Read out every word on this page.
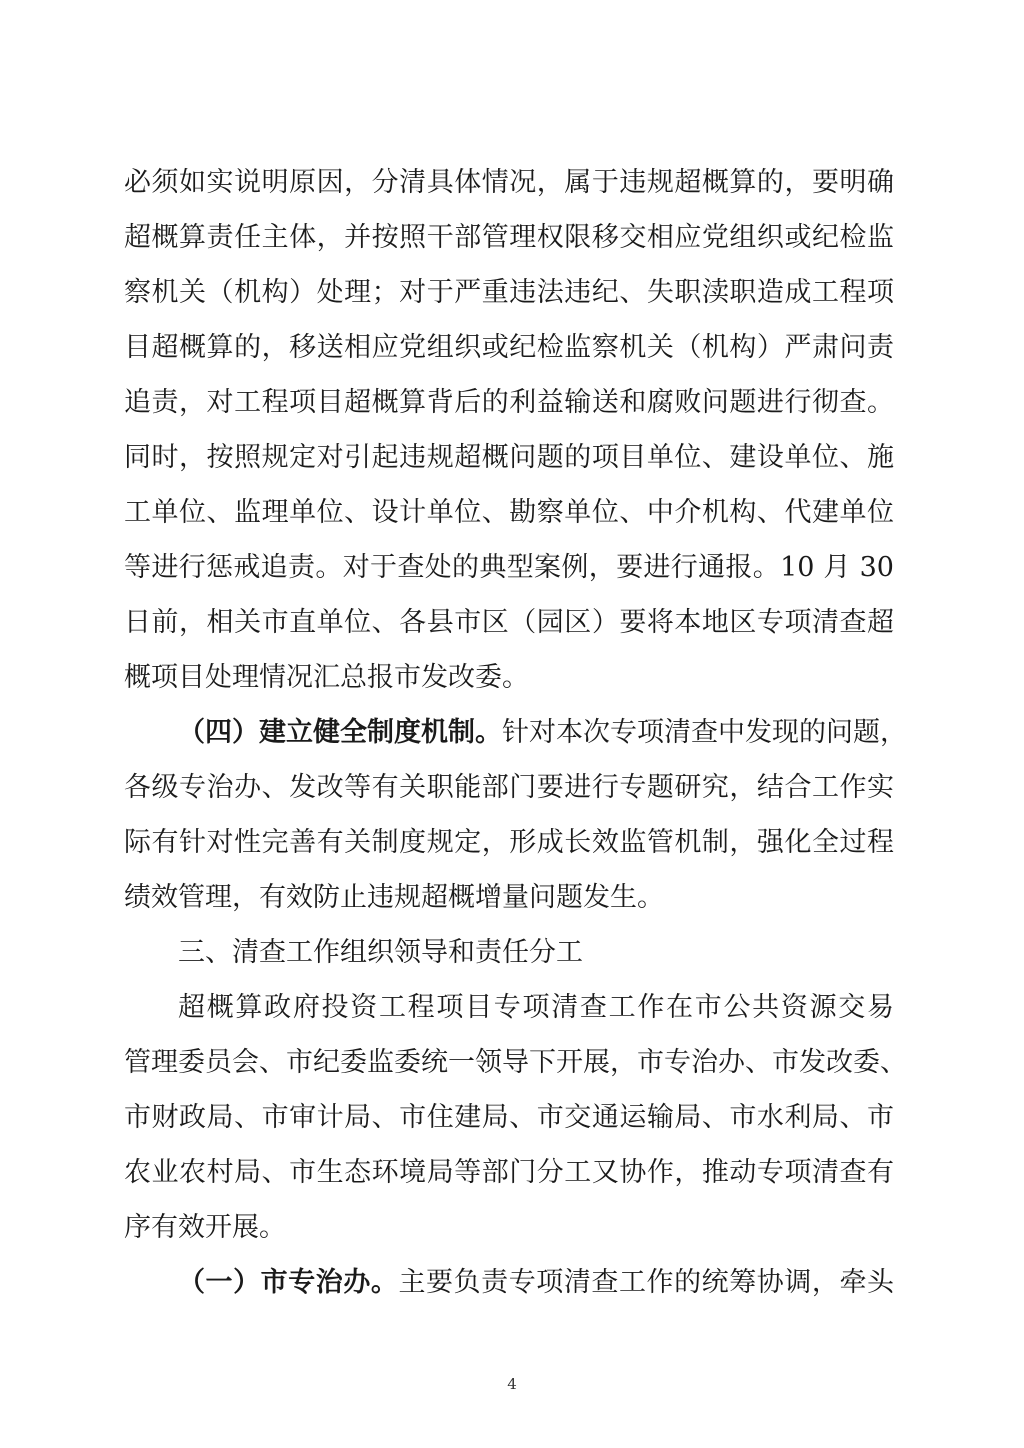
必须如实说明原因，分清具体情况，属于违规超概算的，要明确
超概算责任主体，并按照干部管理权限移交相应党组织或纪检监
察机关（机构）处理；对于严重违法违纪、失职渎职造成工程项
目超概算的，移送相应党组织或纪检监察机关（机构）严肃问责
追责，对工程项目超概算背后的利益输送和腐败问题进行彻查。
同时，按照规定对引起违规超概问题的项目单位、建设单位、施
工单位、监理单位、设计单位、勘察单位、中介机构、代建单位
等进行惩戒追责。对于查处的典型案例，要进行通报。10 月 30
日前，相关市直单位、各县市区（园区）要将本地区专项清查超
概项目处理情况汇总报市发改委。
（四）建立健全制度机制。针对本次专项清查中发现的问题，
各级专治办、发改等有关职能部门要进行专题研究，结合工作实
际有针对性完善有关制度规定，形成长效监管机制，强化全过程
绩效管理，有效防止违规超概增量问题发生。
三、清查工作组织领导和责任分工
超概算政府投资工程项目专项清查工作在市公共资源交易
管理委员会、市纪委监委统一领导下开展，市专治办、市发改委、
市财政局、市审计局、市住建局、市交通运输局、市水利局、市
农业农村局、市生态环境局等部门分工又协作，推动专项清查有
序有效开展。
（一）市专治办。主要负责专项清查工作的统筹协调，牵头
4
